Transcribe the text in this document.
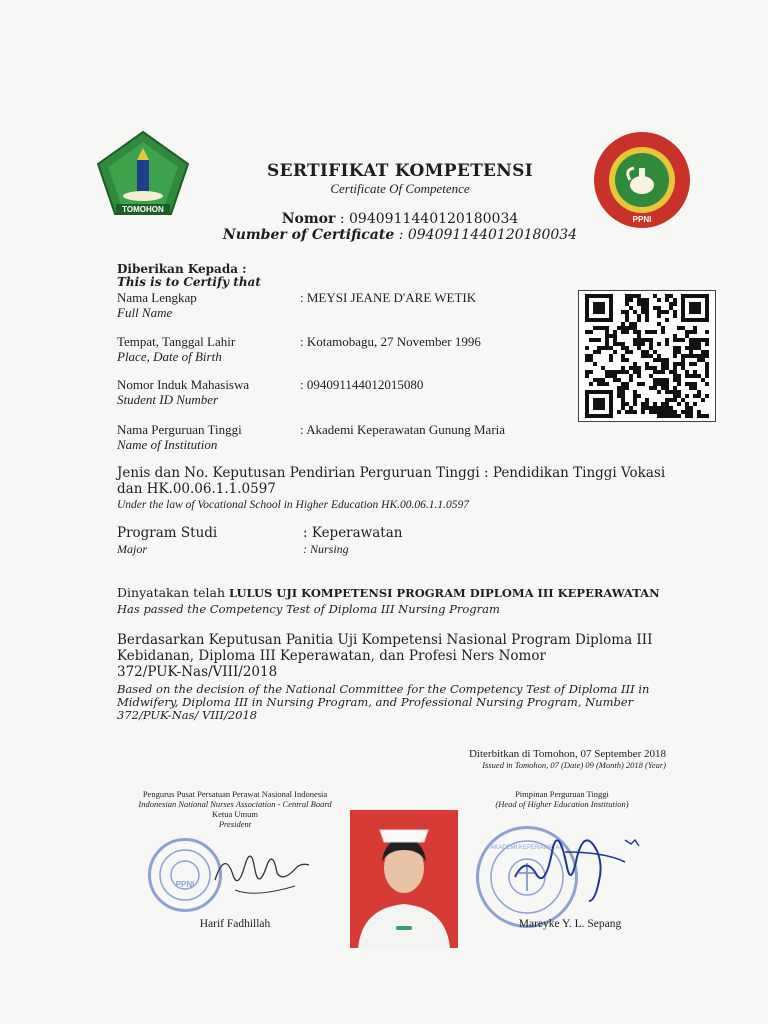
TOMOHON
SERTIFIKAT KOMPETENSI
Certificate Of Competence
Nomor : 0940911440120180034
Number of Certificate : 0940911440120180034
PPNI
Diberikan Kepada :
This is to Certify that
Nama Lengkap
Full Name
: MEYSI JEANE D'ARE WETIK
Tempat, Tanggal Lahir
Place, Date of Birth
: Kotamobagu, 27 November 1996
Nomor Induk Mahasiswa
Student ID Number
: 094091144012015080
Nama Perguruan Tinggi
Name of Institution
: Akademi Keperawatan Gunung Maria
Jenis dan No. Keputusan Pendirian Perguruan Tinggi : Pendidikan Tinggi Vokasi
dan HK.00.06.1.1.0597
Under the law of Vocational School in Higher Education HK.00.06.1.1.0597
Program Studi
Major
: Keperawatan
: Nursing
Dinyatakan telah LULUS UJI KOMPETENSI PROGRAM DIPLOMA III KEPERAWATAN
Has passed the Competency Test of Diploma III Nursing Program
Berdasarkan Keputusan Panitia Uji Kompetensi Nasional Program Diploma III
Kebidanan, Diploma III Keperawatan, dan Profesi Ners Nomor
372/PUK-Nas/VIII/2018
Based on the decision of the National Committee for the Competency Test of Diploma III in
Midwifery, Diploma III in Nursing Program, and Professional Nursing Program, Number
372/PUK-Nas/ VIII/2018
Diterbitkan di Tomohon, 07 September 2018
Issued in Tomohon, 07 (Date) 09 (Month) 2018 (Year)
Pengurus Pusat Persatuan Perawat Nasional Indonesia
Indonesian National Nurses Association - Central Board
Ketua Umum
President
PPNI
Harif Fadhillah
Pimpinan Perguruan Tinggi
(Head of Higher Education Institution)
AKADEMI KEPERAWATAN
Mareyke Y. L. Sepang
